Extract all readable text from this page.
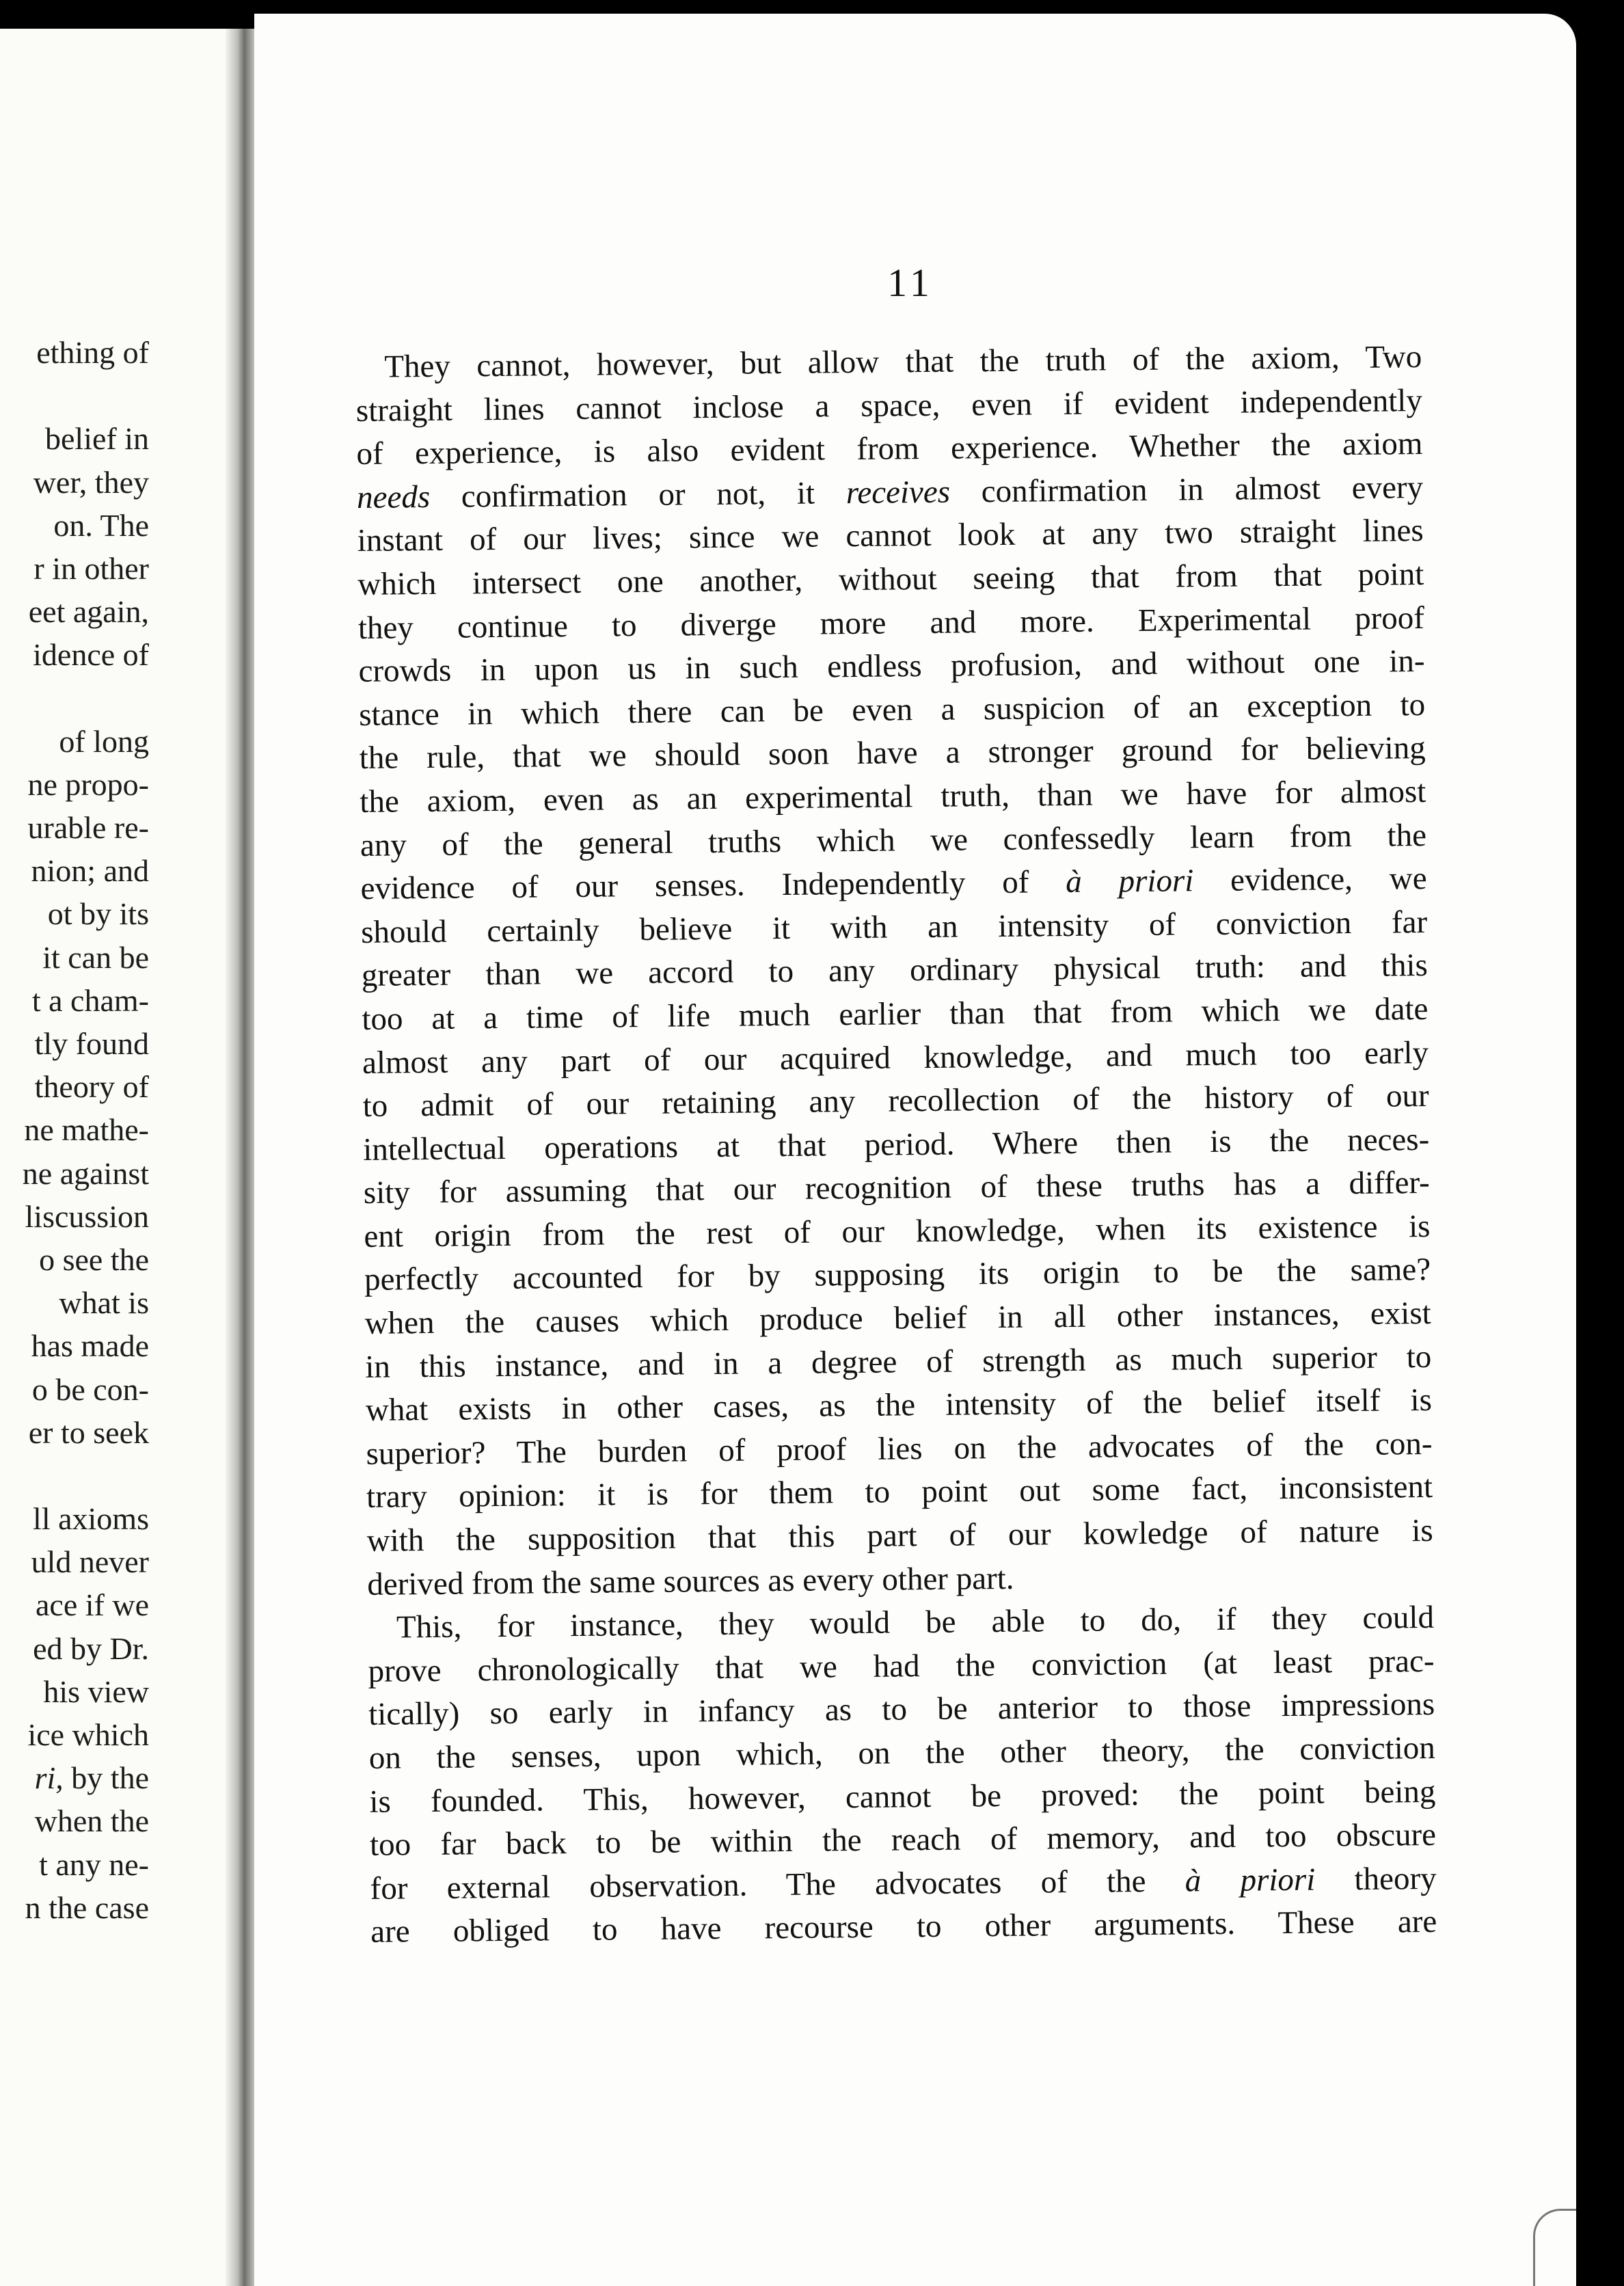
ething of
belief in
wer, they
on. The
r in other
eet again,
idence of
of long
ne propo-
urable re-
nion; and
ot by its
it can be
t a cham-
tly found
theory of
ne mathe-
ne against
liscussion
o see the
what is
has made
o be con-
er to seek
ll axioms
uld never
ace if we
ed by Dr.
his view
ice which
ri, by the
when the
t any ne-
n the case
11

They cannot, however, but allow that the truth of the axiom, Two
straight lines cannot inclose a space, even if evident independently
of experience, is also evident from experience. Whether the axiom
needs confirmation or not, it receives confirmation in almost every
instant of our lives; since we cannot look at any two straight lines
which intersect one another, without seeing that from that point
they continue to diverge more and more. Experimental proof
crowds in upon us in such endless profusion, and without one in-
stance in which there can be even a suspicion of an exception to
the rule, that we should soon have a stronger ground for believing
the axiom, even as an experimental truth, than we have for almost
any of the general truths which we confessedly learn from the
evidence of our senses. Independently of à priori evidence, we
should certainly believe it with an intensity of conviction far
greater than we accord to any ordinary physical truth: and this
too at a time of life much earlier than that from which we date
almost any part of our acquired knowledge, and much too early
to admit of our retaining any recollection of the history of our
intellectual operations at that period. Where then is the neces-
sity for assuming that our recognition of these truths has a differ-
ent origin from the rest of our knowledge, when its existence is
perfectly accounted for by supposing its origin to be the same?
when the causes which produce belief in all other instances, exist
in this instance, and in a degree of strength as much superior to
what exists in other cases, as the intensity of the belief itself is
superior? The burden of proof lies on the advocates of the con-
trary opinion: it is for them to point out some fact, inconsistent
with the supposition that this part of our kowledge of nature is
derived from the same sources as every other part.

This, for instance, they would be able to do, if they could
prove chronologically that we had the conviction (at least prac-
tically) so early in infancy as to be anterior to those impressions
on the senses, upon which, on the other theory, the conviction
is founded. This, however, cannot be proved: the point being
too far back to be within the reach of memory, and too obscure
for external observation. The advocates of the à priori theory
are obliged to have recourse to other arguments. These are
